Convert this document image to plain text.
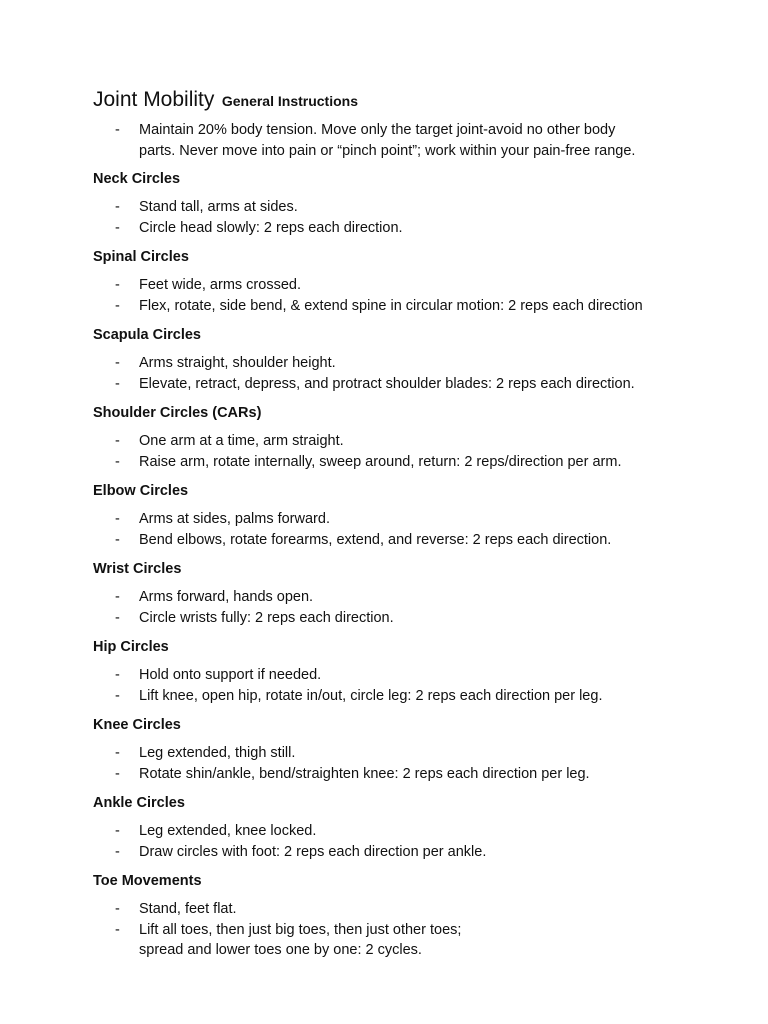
Joint Mobility General Instructions
- Maintain 20% body tension. Move only the target joint-avoid no other body
parts. Never move into pain or “pinch point”; work within your pain-free range.
Neck Circles
- Stand tall, arms at sides.
- Circle head slowly: 2 reps each direction.
Spinal Circles
- Feet wide, arms crossed.
- Flex, rotate, side bend, & extend spine in circular motion: 2 reps each direction
Scapula Circles
- Arms straight, shoulder height.
- Elevate, retract, depress, and protract shoulder blades: 2 reps each direction.
Shoulder Circles (CARs)
- One arm at a time, arm straight.
- Raise arm, rotate internally, sweep around, return: 2 reps/direction per arm.
Elbow Circles
- Arms at sides, palms forward.
- Bend elbows, rotate forearms, extend, and reverse: 2 reps each direction.
Wrist Circles
- Arms forward, hands open.
- Circle wrists fully: 2 reps each direction.
Hip Circles
- Hold onto support if needed.
- Lift knee, open hip, rotate in/out, circle leg: 2 reps each direction per leg.
Knee Circles
- Leg extended, thigh still.
- Rotate shin/ankle, bend/straighten knee: 2 reps each direction per leg.
Ankle Circles
- Leg extended, knee locked.
- Draw circles with foot: 2 reps each direction per ankle.
Toe Movements
- Stand, feet flat.
- Lift all toes, then just big toes, then just other toes;
spread and lower toes one by one: 2 cycles.
